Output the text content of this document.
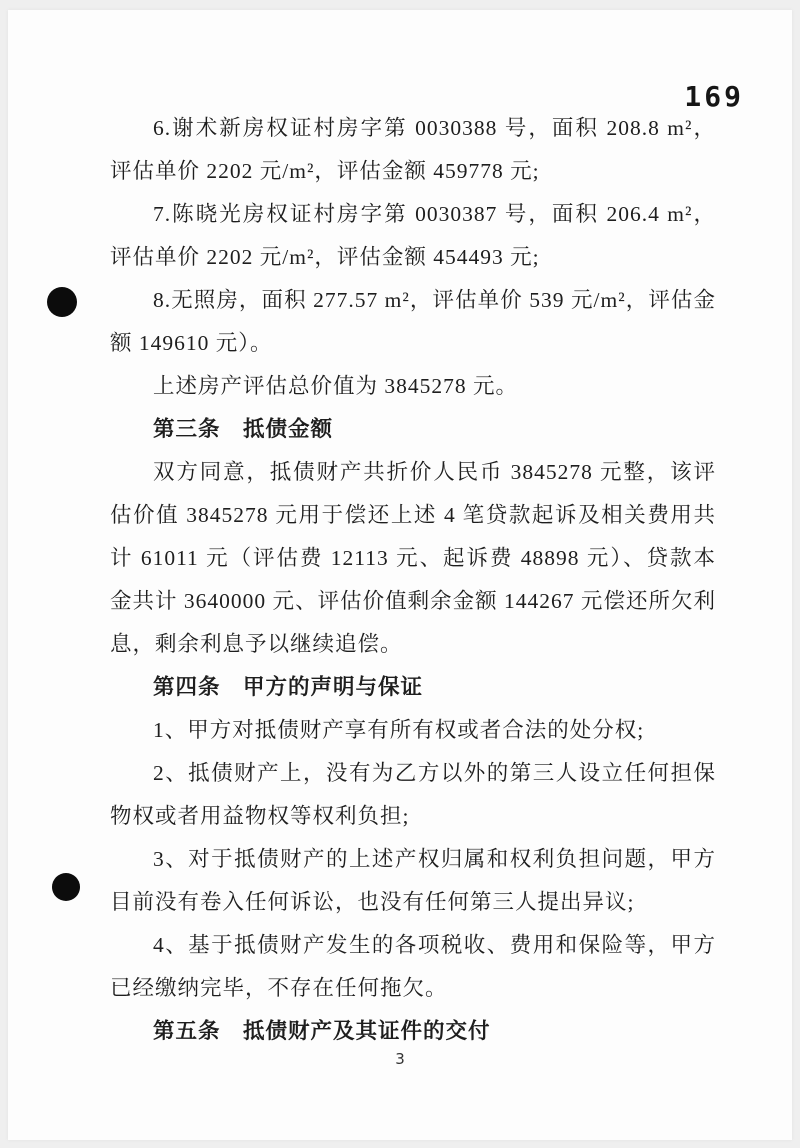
169

6.谢术新房权证村房字第 0030388 号，面积 208.8 m²，评估单价 2202 元/m²，评估金额 459778 元;

7.陈晓光房权证村房字第 0030387 号，面积 206.4 m²，评估单价 2202 元/m²，评估金额 454493 元;

8.无照房，面积 277.57 m²，评估单价 539 元/m²，评估金额 149610 元）。

上述房产评估总价值为 3845278 元。

第三条　抵债金额

双方同意，抵债财产共折价人民币 3845278 元整，该评估价值 3845278 元用于偿还上述 4 笔贷款起诉及相关费用共计 61011 元（评估费 12113 元、起诉费 48898 元）、贷款本金共计 3640000 元、评估价值剩余金额 144267 元偿还所欠利息，剩余利息予以继续追偿。

第四条　甲方的声明与保证

1、甲方对抵债财产享有所有权或者合法的处分权;

2、抵债财产上，没有为乙方以外的第三人设立任何担保物权或者用益物权等权利负担;

3、对于抵债财产的上述产权归属和权利负担问题，甲方目前没有卷入任何诉讼，也没有任何第三人提出异议;

4、基于抵债财产发生的各项税收、费用和保险等，甲方已经缴纳完毕，不存在任何拖欠。

第五条　抵债财产及其证件的交付

3
